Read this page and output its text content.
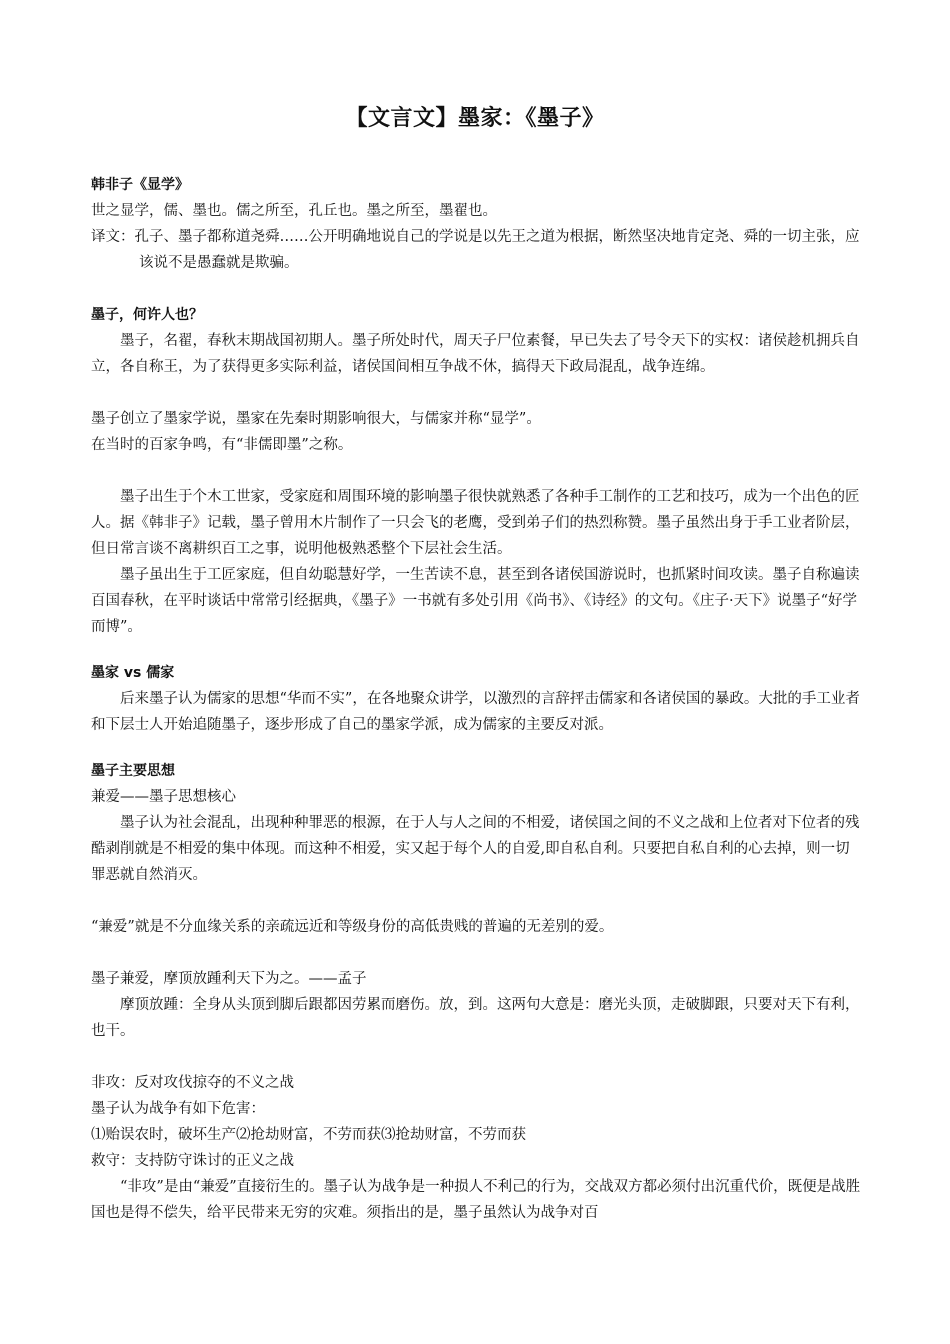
【文言文】墨家：《墨子》

韩非子《显学》

世之显学，儒、墨也。儒之所至，孔丘也。墨之所至，墨翟也。

译文：孔子、墨子都称道尧舜……公开明确地说自己的学说是以先王之道为根据，断然坚决地肯定尧、舜的一切主张，应该说不是愚蠢就是欺骗。

墨子，何许人也？

墨子，名翟，春秋末期战国初期人。墨子所处时代，周天子尸位素餐，早已失去了号令天下的实权：诸侯趁机拥兵自立，各自称王，为了获得更多实际利益，诸侯国间相互争战不休，搞得天下政局混乱，战争连绵。

墨子创立了墨家学说，墨家在先秦时期影响很大，与儒家并称“显学”。

在当时的百家争鸣，有“非儒即墨”之称。

墨子出生于个木工世家，受家庭和周围环境的影响墨子很快就熟悉了各种手工制作的工艺和技巧，成为一个出色的匠人。据《韩非子》记载，墨子曾用木片制作了一只会飞的老鹰，受到弟子们的热烈称赞。墨子虽然出身于手工业者阶层，但日常言谈不离耕织百工之事，说明他极熟悉整个下层社会生活。

墨子虽出生于工匠家庭，但自幼聪慧好学，一生苦读不息，甚至到各诸侯国游说时，也抓紧时间攻读。墨子自称遍读百国春秋，在平时谈话中常常引经据典，《墨子》一书就有多处引用《尚书》、《诗经》的文句。《庄子·天下》说墨子“好学而博”。

墨家 vs 儒家

后来墨子认为儒家的思想“华而不实”，在各地聚众讲学，以激烈的言辞抨击儒家和各诸侯国的暴政。大批的手工业者和下层士人开始追随墨子，逐步形成了自己的墨家学派，成为儒家的主要反对派。

墨子主要思想

兼爱——墨子思想核心

墨子认为社会混乱，出现种种罪恶的根源，在于人与人之间的不相爱，诸侯国之间的不义之战和上位者对下位者的残酷剥削就是不相爱的集中体现。而这种不相爱，实又起于每个人的自爱,即自私自利。只要把自私自利的心去掉，则一切罪恶就自然消灭。

“兼爱”就是不分血缘关系的亲疏远近和等级身份的高低贵贱的普遍的无差别的爱。

墨子兼爱，摩顶放踵利天下为之。——孟子

摩顶放踵：全身从头顶到脚后跟都因劳累而磨伤。放，到。这两句大意是：磨光头顶，走破脚跟，只要对天下有利，也干。

非攻：反对攻伐掠夺的不义之战

墨子认为战争有如下危害：

⑴贻误农时，破坏生产⑵抢劫财富，不劳而获⑶抢劫财富，不劳而获

救守：支持防守诛讨的正义之战

“非攻”是由“兼爱”直接衍生的。墨子认为战争是一种损人不利己的行为，交战双方都必须付出沉重代价，既便是战胜国也是得不偿失，给平民带来无穷的灾难。须指出的是，墨子虽然认为战争对百
